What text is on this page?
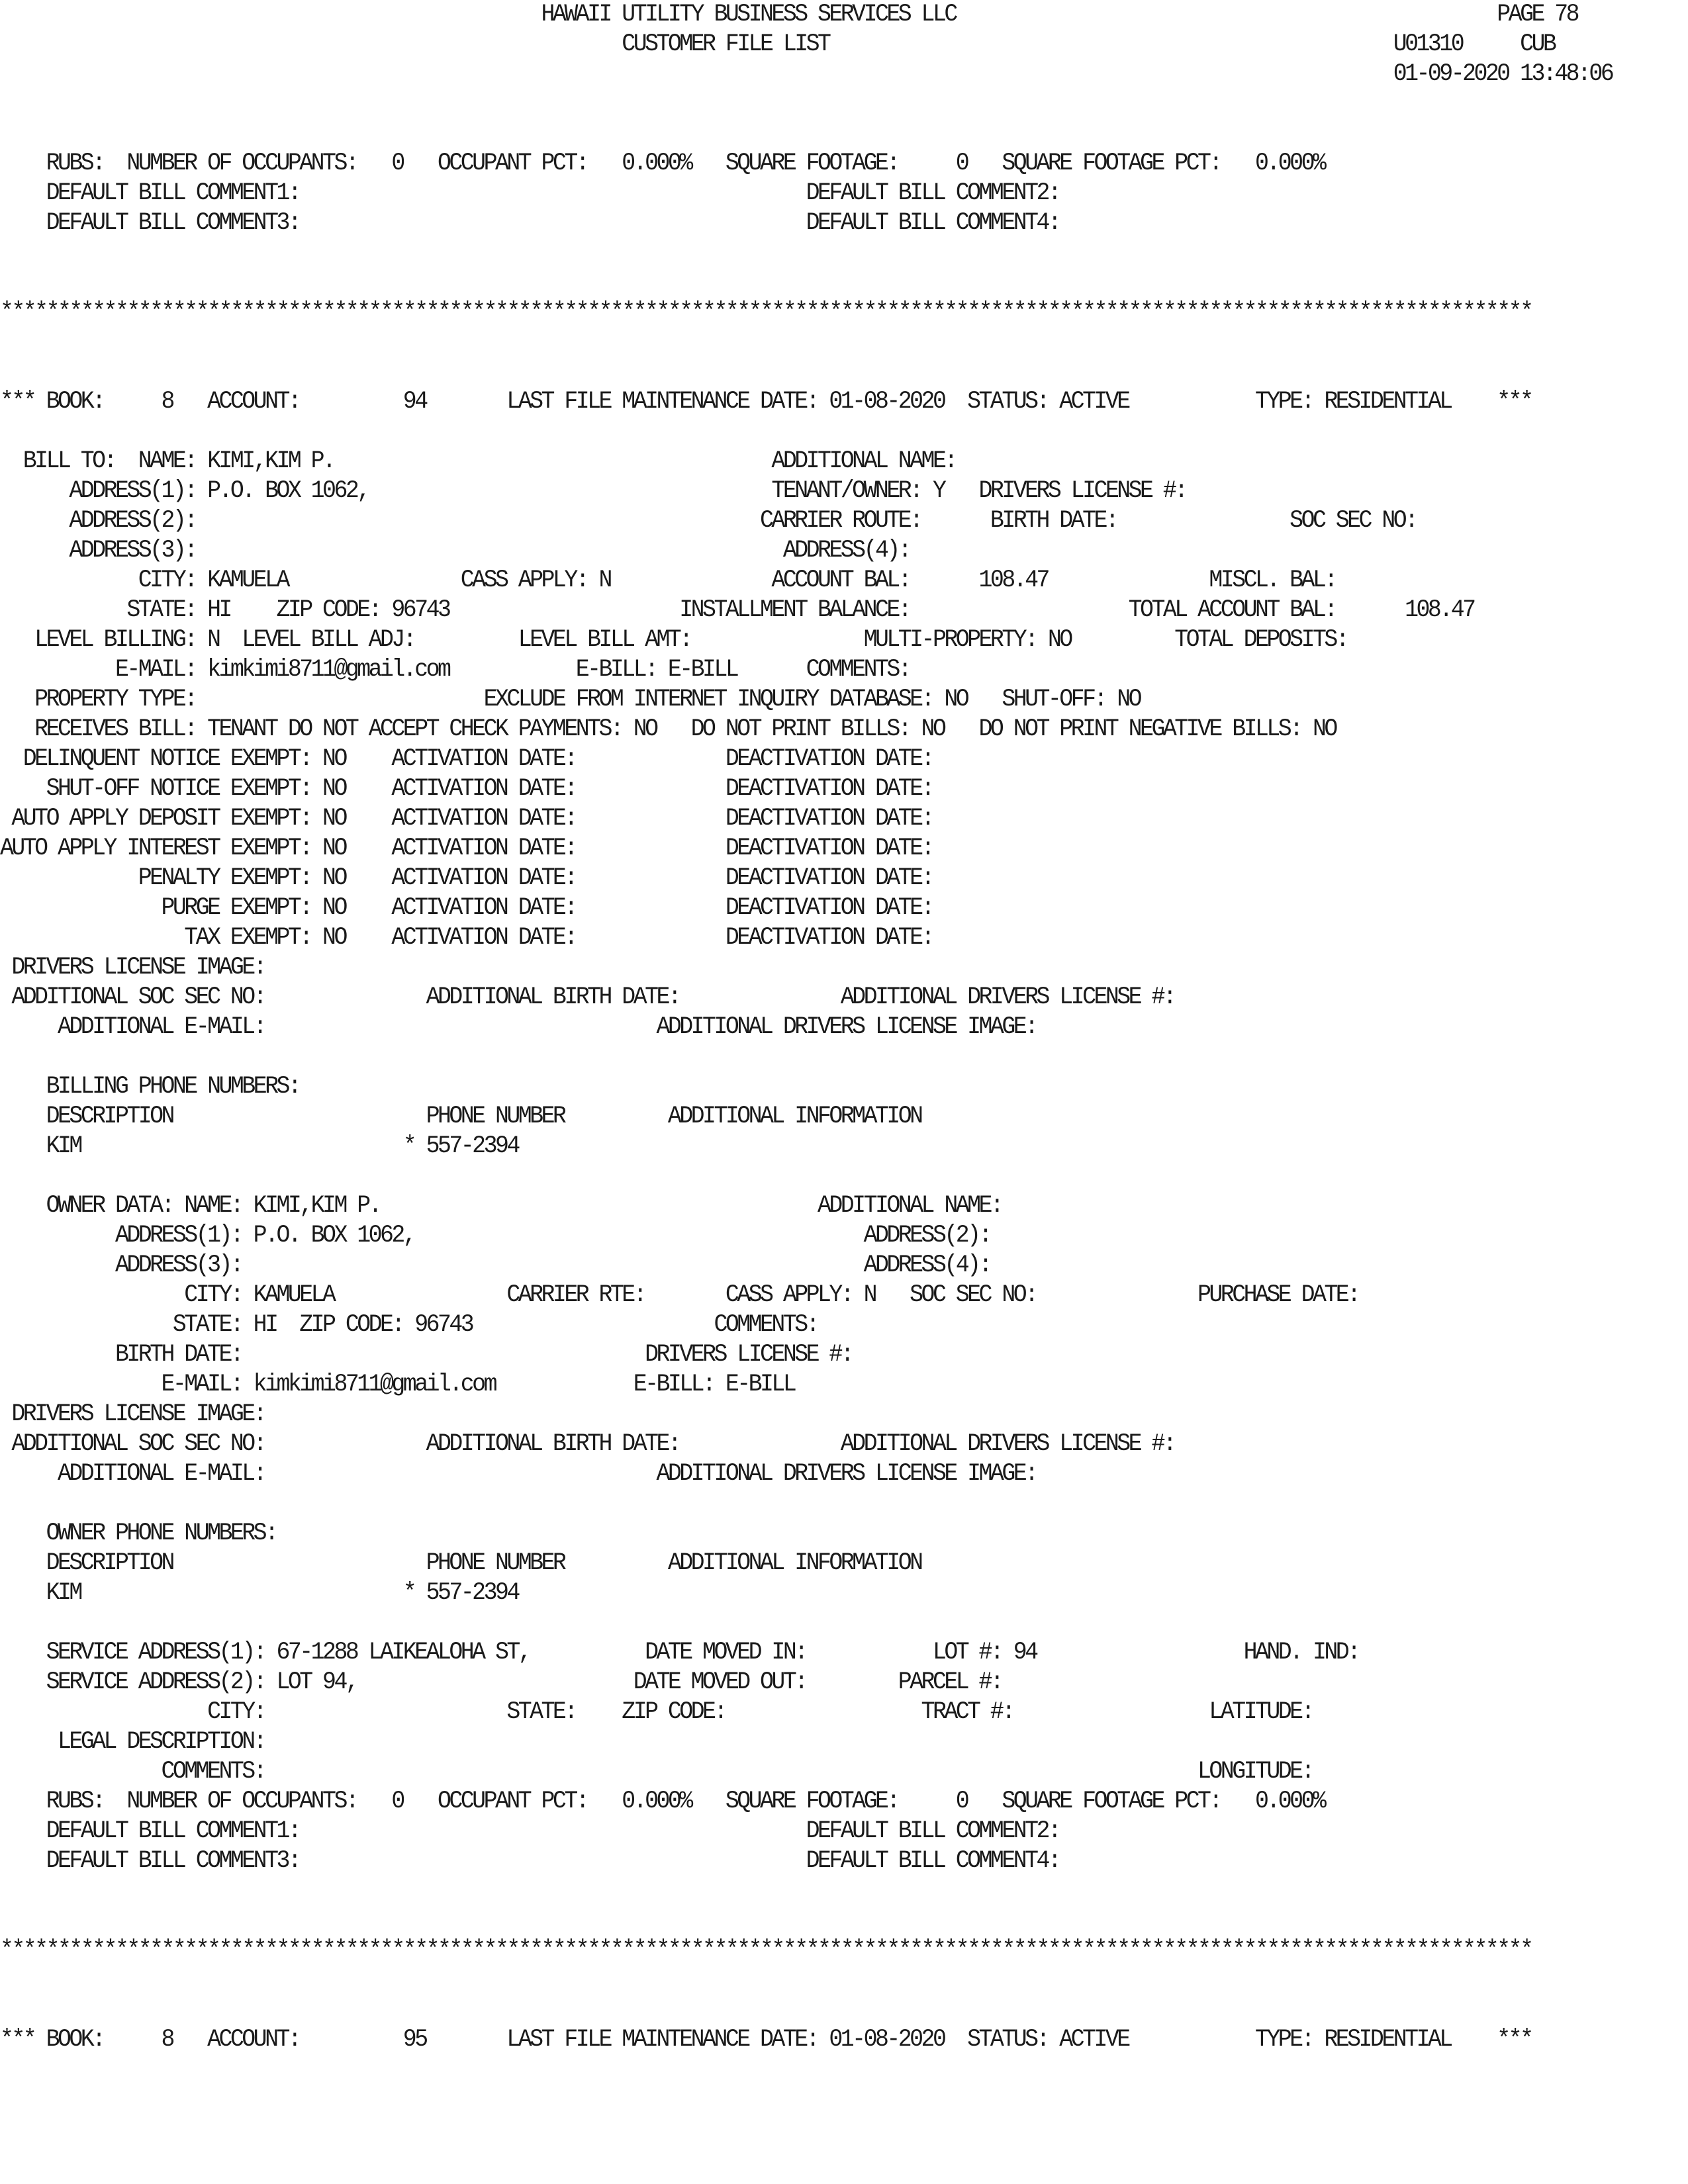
HAWAII UTILITY BUSINESS SERVICES LLC                                               PAGE 78
CUSTOMER FILE LIST                                                 U01310     CUB
01-09-2020 13:48:06
RUBS:  NUMBER OF OCCUPANTS:   0   OCCUPANT PCT:   0.000%   SQUARE FOOTAGE:     0   SQUARE FOOTAGE PCT:   0.000%
DEFAULT BILL COMMENT1:                                            DEFAULT BILL COMMENT2:
DEFAULT BILL COMMENT3:                                            DEFAULT BILL COMMENT4:
*************************************************************************************************************************************
*** BOOK:     8   ACCOUNT:         94       LAST FILE MAINTENANCE DATE: 01-08-2020  STATUS: ACTIVE           TYPE: RESIDENTIAL    ***
BILL TO:  NAME: KIMI,KIM P.                                      ADDITIONAL NAME:
ADDRESS(1): P.O. BOX 1062,                                   TENANT/OWNER: Y   DRIVERS LICENSE #:
ADDRESS(2):                                                 CARRIER ROUTE:      BIRTH DATE:               SOC SEC NO:
ADDRESS(3):                                                   ADDRESS(4):
CITY: KAMUELA               CASS APPLY: N              ACCOUNT BAL:      108.47              MISCL. BAL:
STATE: HI    ZIP CODE: 96743                    INSTALLMENT BALANCE:                   TOTAL ACCOUNT BAL:      108.47
LEVEL BILLING: N  LEVEL BILL ADJ:         LEVEL BILL AMT:               MULTI-PROPERTY: NO         TOTAL DEPOSITS:
E-MAIL: kimkimi8711@gmail.com           E-BILL: E-BILL      COMMENTS:
PROPERTY TYPE:                         EXCLUDE FROM INTERNET INQUIRY DATABASE: NO   SHUT-OFF: NO
RECEIVES BILL: TENANT DO NOT ACCEPT CHECK PAYMENTS: NO   DO NOT PRINT BILLS: NO   DO NOT PRINT NEGATIVE BILLS: NO
DELINQUENT NOTICE EXEMPT: NO    ACTIVATION DATE:             DEACTIVATION DATE:
SHUT-OFF NOTICE EXEMPT: NO    ACTIVATION DATE:             DEACTIVATION DATE:
AUTO APPLY DEPOSIT EXEMPT: NO    ACTIVATION DATE:             DEACTIVATION DATE:
AUTO APPLY INTEREST EXEMPT: NO    ACTIVATION DATE:             DEACTIVATION DATE:
PENALTY EXEMPT: NO    ACTIVATION DATE:             DEACTIVATION DATE:
PURGE EXEMPT: NO    ACTIVATION DATE:             DEACTIVATION DATE:
TAX EXEMPT: NO    ACTIVATION DATE:             DEACTIVATION DATE:
DRIVERS LICENSE IMAGE:
ADDITIONAL SOC SEC NO:              ADDITIONAL BIRTH DATE:              ADDITIONAL DRIVERS LICENSE #:
ADDITIONAL E-MAIL:                                  ADDITIONAL DRIVERS LICENSE IMAGE:
BILLING PHONE NUMBERS:
DESCRIPTION                      PHONE NUMBER         ADDITIONAL INFORMATION
KIM                            * 557-2394
OWNER DATA: NAME: KIMI,KIM P.                                      ADDITIONAL NAME:
ADDRESS(1): P.O. BOX 1062,                                       ADDRESS(2):
ADDRESS(3):                                                      ADDRESS(4):
CITY: KAMUELA               CARRIER RTE:       CASS APPLY: N   SOC SEC NO:              PURCHASE DATE:
STATE: HI  ZIP CODE: 96743                     COMMENTS:
BIRTH DATE:                                   DRIVERS LICENSE #:
E-MAIL: kimkimi8711@gmail.com            E-BILL: E-BILL
DRIVERS LICENSE IMAGE:
ADDITIONAL SOC SEC NO:              ADDITIONAL BIRTH DATE:              ADDITIONAL DRIVERS LICENSE #:
ADDITIONAL E-MAIL:                                  ADDITIONAL DRIVERS LICENSE IMAGE:
OWNER PHONE NUMBERS:
DESCRIPTION                      PHONE NUMBER         ADDITIONAL INFORMATION
KIM                            * 557-2394
SERVICE ADDRESS(1): 67-1288 LAIKEALOHA ST,          DATE MOVED IN:           LOT #: 94                  HAND. IND:
SERVICE ADDRESS(2): LOT 94,                        DATE MOVED OUT:        PARCEL #:
CITY:                     STATE:    ZIP CODE:                 TRACT #:                 LATITUDE:
LEGAL DESCRIPTION:
COMMENTS:                                                                                 LONGITUDE:
RUBS:  NUMBER OF OCCUPANTS:   0   OCCUPANT PCT:   0.000%   SQUARE FOOTAGE:     0   SQUARE FOOTAGE PCT:   0.000%
DEFAULT BILL COMMENT1:                                            DEFAULT BILL COMMENT2:
DEFAULT BILL COMMENT3:                                            DEFAULT BILL COMMENT4:
*************************************************************************************************************************************
*** BOOK:     8   ACCOUNT:         95       LAST FILE MAINTENANCE DATE: 01-08-2020  STATUS: ACTIVE           TYPE: RESIDENTIAL    ***
